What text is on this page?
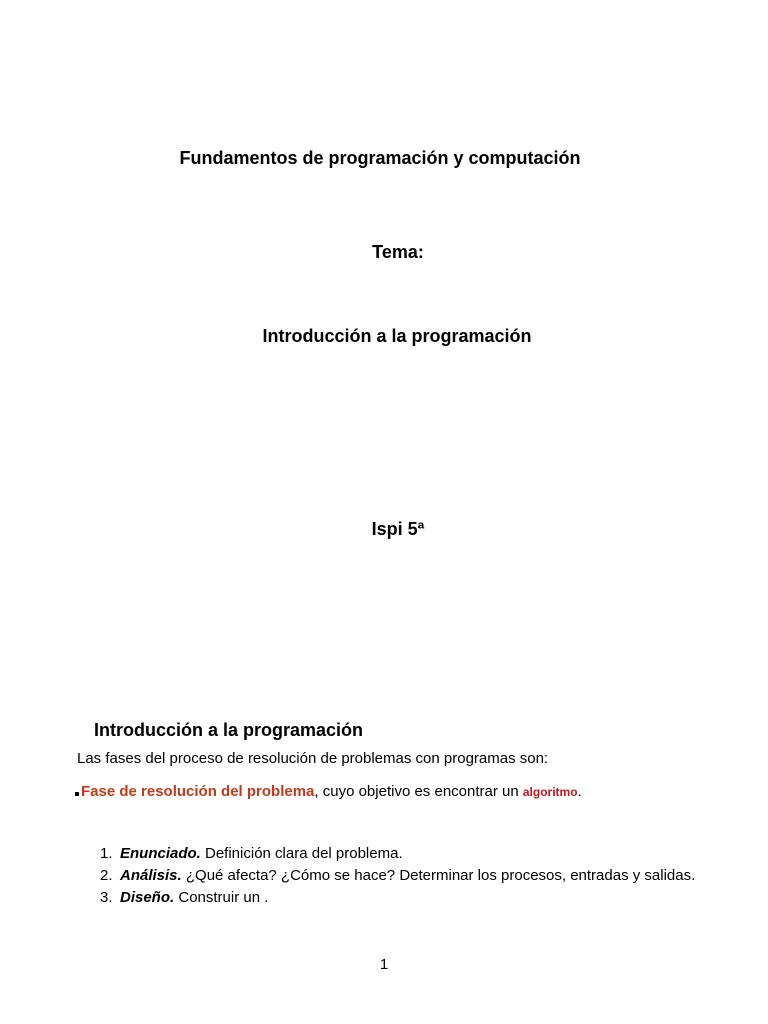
Fundamentos de programación y computación
Tema:
Introducción a la programación
Ispi 5ª
Introducción a la programación
Las fases del proceso de resolución de problemas con programas son:
Fase de resolución del problema, cuyo objetivo es encontrar un algoritmo.
1. Enunciado. Definición clara del problema.
2. Análisis. ¿Qué afecta? ¿Cómo se hace? Determinar los procesos, entradas y salidas.
3. Diseño. Construir un .
1
